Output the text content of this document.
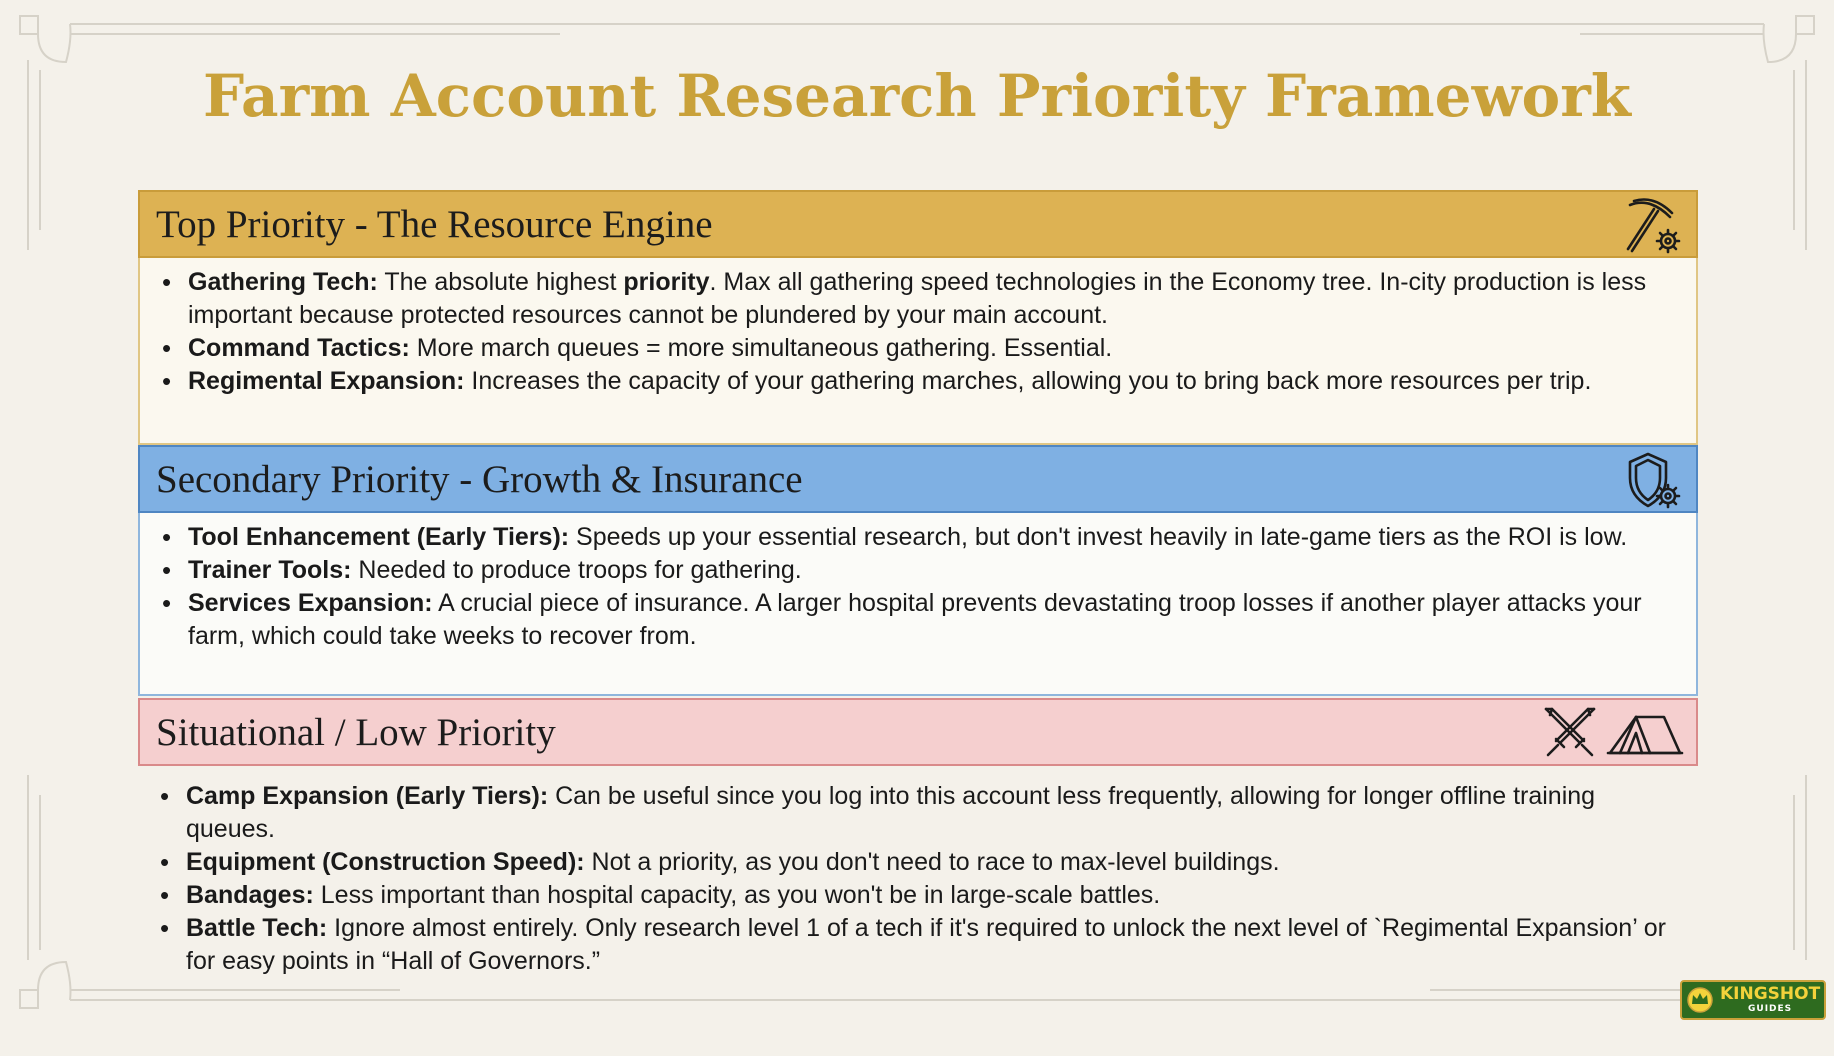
Farm Account Research Priority Framework
Top Priority - The Resource Engine
• Gathering Tech: The absolute highest priority. Max all gathering speed technologies in the Economy tree. In-city production is less important because protected resources cannot be plundered by your main account.
• Command Tactics: More march queues = more simultaneous gathering. Essential.
• Regimental Expansion: Increases the capacity of your gathering marches, allowing you to bring back more resources per trip.
Secondary Priority - Growth & Insurance
• Tool Enhancement (Early Tiers): Speeds up your essential research, but don't invest heavily in late-game tiers as the ROI is low.
• Trainer Tools: Needed to produce troops for gathering.
• Services Expansion: A crucial piece of insurance. A larger hospital prevents devastating troop losses if another player attacks your farm, which could take weeks to recover from.
Situational / Low Priority
• Camp Expansion (Early Tiers): Can be useful since you log into this account less frequently, allowing for longer offline training queues.
• Equipment (Construction Speed): Not a priority, as you don't need to race to max-level buildings.
• Bandages: Less important than hospital capacity, as you won't be in large-scale battles.
• Battle Tech: Ignore almost entirely. Only research level 1 of a tech if it's required to unlock the next level of `Regimental Expansion’ or for easy points in “Hall of Governors.”
KINGSHOT
GUIDES
